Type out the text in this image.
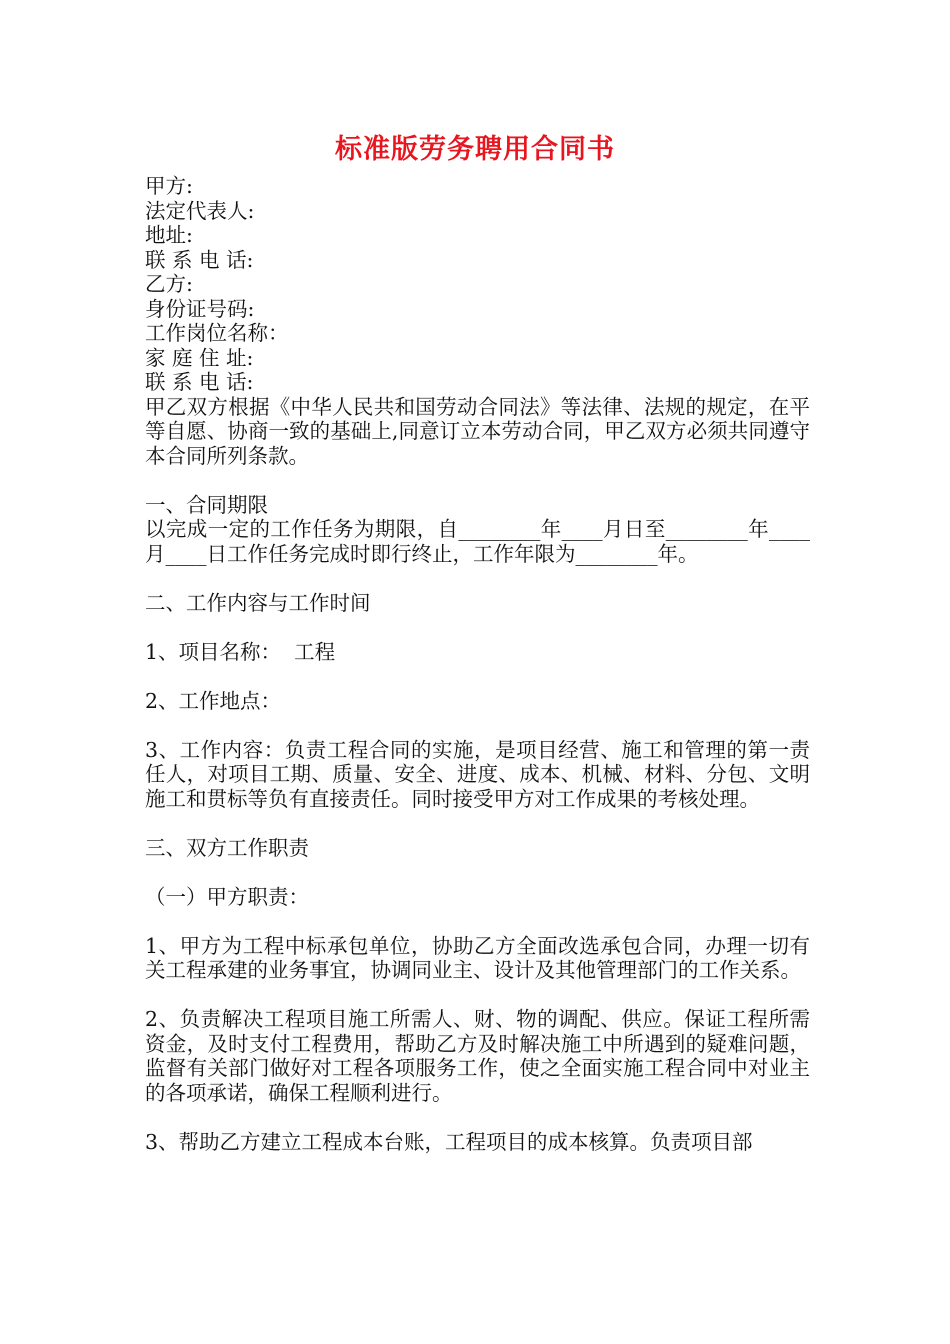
标准版劳务聘用合同书

甲方:

法定代表人:

地址:

联 系 电 话:

乙方:

身份证号码:

工作岗位名称：

家 庭 住 址:

联 系 电 话:

甲乙双方根据《中华人民共和国劳动合同法》等法律、法规的规定，在平等自愿、协商一致的基础上,同意订立本劳动合同，甲乙双方必须共同遵守本合同所列条款。

一、合同期限

以完成一定的工作任务为期限，自________年____月日至________年____月____日工作任务完成时即行终止，工作年限为________年。

二、工作内容与工作时间

1、项目名称：  工程

2、工作地点：

3、工作内容：负责工程合同的实施，是项目经营、施工和管理的第一责任人，对项目工期、质量、安全、进度、成本、机械、材料、分包、文明施工和贯标等负有直接责任。同时接受甲方对工作成果的考核处理。

三、双方工作职责

（一）甲方职责：

1、甲方为工程中标承包单位，协助乙方全面改选承包合同，办理一切有关工程承建的业务事宜，协调同业主、设计及其他管理部门的工作关系。

2、负责解决工程项目施工所需人、财、物的调配、供应。保证工程所需资金，及时支付工程费用，帮助乙方及时解决施工中所遇到的疑难问题，监督有关部门做好对工程各项服务工作，使之全面实施工程合同中对业主的各项承诺，确保工程顺利进行。

3、帮助乙方建立工程成本台账，工程项目的成本核算。负责项目部
